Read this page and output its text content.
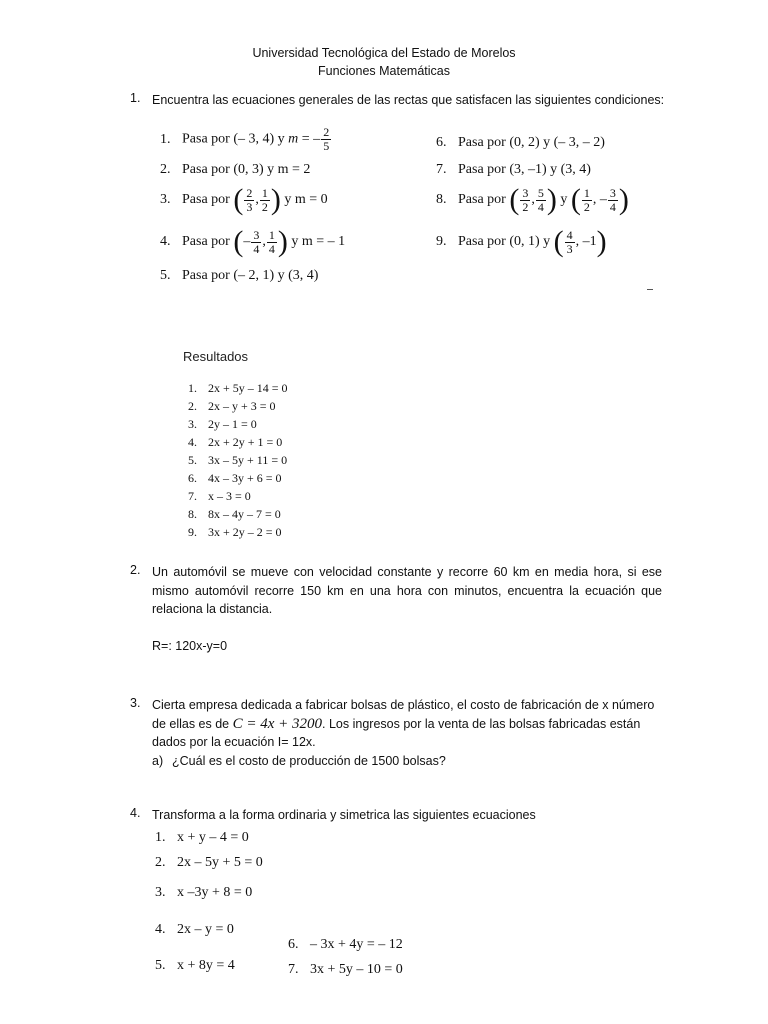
Universidad Tecnológica del Estado de Morelos
Funciones Matemáticas
1. Encuentra las ecuaciones generales de las rectas que satisfacen las siguientes condiciones:
1. Pasa por (– 3, 4) y m = – $\frac{2}{5}$
2. Pasa por (0, 3) y m = 2
3. Pasa por ( $\frac{2}{3}$ , $\frac{1}{2}$ ) y m = 0
4. Pasa por (– $\frac{3}{4}$ , $\frac{1}{4}$ ) y m = – 1
5. Pasa por (– 2, 1) y (3, 4)
6. Pasa por (0, 2) y (– 3, – 2)
7. Pasa por (3, –1) y (3, 4)
8. Pasa por ( $\frac{3}{2}$ , $\frac{5}{4}$ ) y ( $\frac{1}{2}$ , – $\frac{3}{4}$ )
9. Pasa por (0, 1) y ( $\frac{4}{3}$ , –1)
Resultados
1. 2x + 5y – 14 = 0
2. 2x – y + 3 = 0
3. 2y – 1 = 0
4. 2x + 2y + 1 = 0
5. 3x – 5y + 11 = 0
6. 4x – 3y + 6 = 0
7. x – 3 = 0
8. 8x – 4y – 7 = 0
9. 3x + 2y – 2 = 0
2. Un automóvil se mueve con velocidad constante y recorre 60 km en media hora, si ese mismo automóvil recorre 150 km en una hora con minutos, encuentra la ecuación que relaciona la distancia.
R=: 120x-y=0
3. Cierta empresa dedicada a fabricar bolsas de plástico, el costo de fabricación de x número de ellas es de C = 4x + 3200. Los ingresos por la venta de las bolsas fabricadas están dados por la ecuación I= 12x.
a) ¿Cuál es el costo de producción de 1500 bolsas?
4. Transforma a la forma ordinaria y simetrica las siguientes ecuaciones
1. x + y – 4 = 0
2. 2x – 5y + 5 = 0
3. x –3y + 8 = 0
4. 2x – y = 0
5. x + 8y = 4
6. – 3x + 4y = – 12
7. 3x + 5y – 10 = 0
